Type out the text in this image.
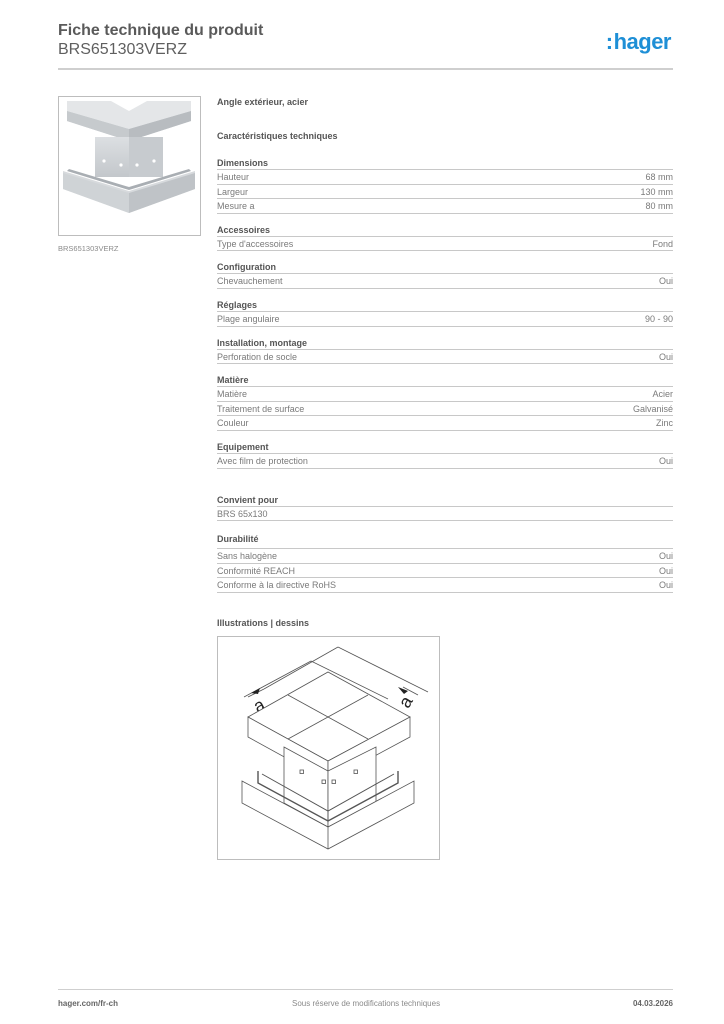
Fiche technique du produit
BRS651303VERZ	:hager
BRS651303VERZ
Angle extérieur, acier
Caractéristiques techniques
Dimensions
Hauteur	68 mm
Largeur	130 mm
Mesure a	80 mm
Accessoires
Type d'accessoires	Fond
Configuration
Chevauchement	Oui
Réglages
Plage angulaire	90 - 90
Installation, montage
Perforation de socle	Oui
Matière
Matière	Acier
Traitement de surface	Galvanisé
Couleur	Zinc
Equipement
Avec film de protection	Oui
Convient pour
BRS 65x130
Durabilité
Sans halogène	Oui
Conformité REACH	Oui
Conforme à la directive RoHS	Oui
Illustrations | dessins
a	a
hager.com/fr-ch	Sous réserve de modifications techniques	04.03.2026
